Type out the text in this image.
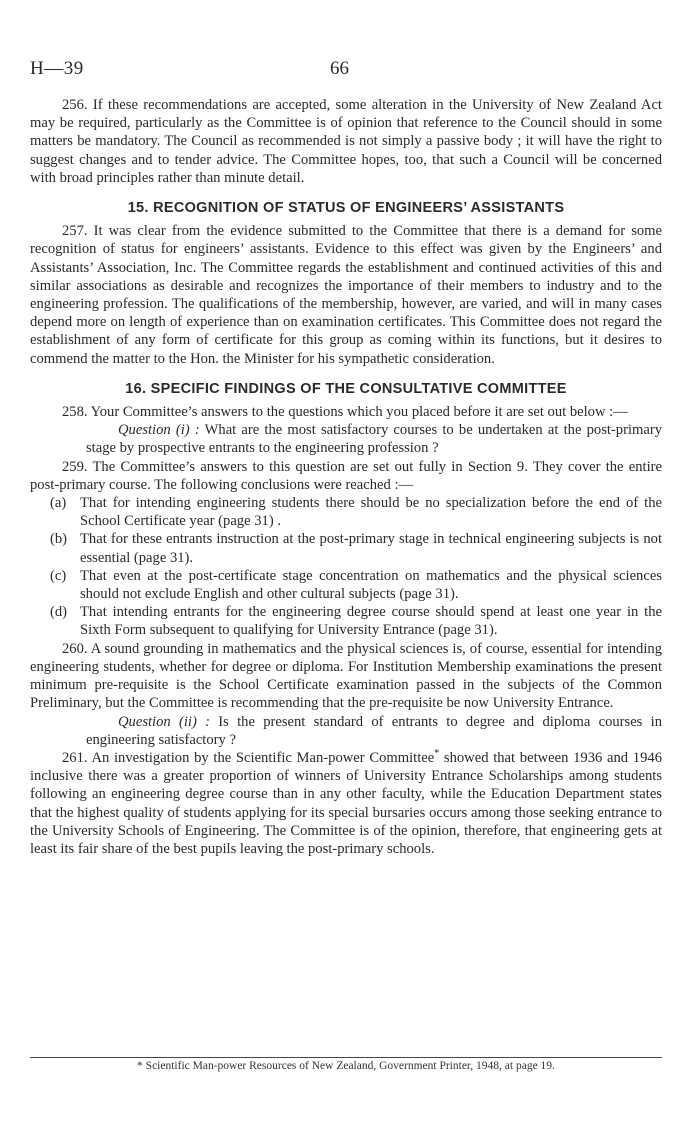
H—39	66

256. If these recommendations are accepted, some alteration in the University of New Zealand Act may be required, particularly as the Committee is of opinion that reference to the Council should in some matters be mandatory. The Council as recommended is not simply a passive body ; it will have the right to suggest changes and to tender advice. The Committee hopes, too, that such a Council will be concerned with broad principles rather than minute detail.

15. RECOGNITION OF STATUS OF ENGINEERS’ ASSISTANTS

257. It was clear from the evidence submitted to the Committee that there is a demand for some recognition of status for engineers’ assistants. Evidence to this effect was given by the Engineers’ and Assistants’ Association, Inc. The Committee regards the establishment and continued activities of this and similar associations as desirable and recognizes the importance of their members to industry and to the engineering profession. The qualifications of the membership, however, are varied, and will in many cases depend more on length of experience than on examination certificates. This Committee does not regard the establishment of any form of certificate for this group as coming within its functions, but it desires to commend the matter to the Hon. the Minister for his sympathetic consideration.

16. SPECIFIC FINDINGS OF THE CONSULTATIVE COMMITTEE

258. Your Committee’s answers to the questions which you placed before it are set out below :—

Question (i) : What are the most satisfactory courses to be undertaken at the post-primary stage by prospective entrants to the engineering profession ?

259. The Committee’s answers to this question are set out fully in Section 9. They cover the entire post-primary course. The following conclusions were reached :—

(a) That for intending engineering students there should be no specialization before the end of the School Certificate year (page 31) .
(b) That for these entrants instruction at the post-primary stage in technical engineering subjects is not essential (page 31).
(c) That even at the post-certificate stage concentration on mathematics and the physical sciences should not exclude English and other cultural subjects (page 31).
(d) That intending entrants for the engineering degree course should spend at least one year in the Sixth Form subsequent to qualifying for University Entrance (page 31).

260. A sound grounding in mathematics and the physical sciences is, of course, essential for intending engineering students, whether for degree or diploma. For Institution Membership examinations the present minimum pre-requisite is the School Certificate examination passed in the subjects of the Common Preliminary, but the Committee is recommending that the pre-requisite be now University Entrance.

Question (ii) : Is the present standard of entrants to degree and diploma courses in engineering satisfactory ?

261. An investigation by the Scientific Man-power Committee* showed that between 1936 and 1946 inclusive there was a greater proportion of winners of University Entrance Scholarships among students following an engineering degree course than in any other faculty, while the Education Department states that the highest quality of students applying for its special bursaries occurs among those seeking entrance to the University Schools of Engineering. The Committee is of the opinion, therefore, that engineering gets at least its fair share of the best pupils leaving the post-primary schools.

* Scientific Man-power Resources of New Zealand, Government Printer, 1948, at page 19.
